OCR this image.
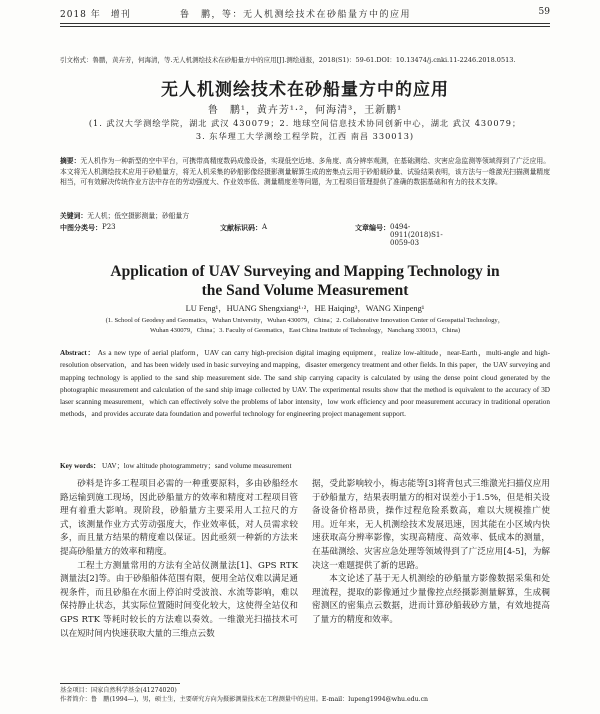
2018 年　增刊	鲁　鹏，等：无人机测绘技术在砂船量方中的应用	59
引文格式：鲁鹏，黄卉芳，何海清，等.无人机测绘技术在砂船量方中的应用[J].测绘通报，2018(S1)：59-61.DOI：10.13474/j.cnki.11-2246.2018.0513.
无人机测绘技术在砂船量方中的应用
鲁　鹏¹，黄卉芳¹·²，何海清³，王新鹏¹
(1. 武汉大学测绘学院，湖北 武汉 430079；2. 地球空间信息技术协同创新中心，湖北 武汉 430079；
3. 东华理工大学测绘工程学院，江西 南昌 330013)
摘要：无人机作为一种新型的空中平台，可携带高精度数码成像设备，实现低空近地、多角度、高分辨率观测，在基础测绘、灾害应急监测等领域得到了广泛应用。本文将无人机测绘技术应用于砂船量方，将无人机采集的砂船影像经摄影测量解算生成的密集点云用于砂船载砂量、试验结果表明，该方法与一维激光扫描测量精度相当，可有效解决传统作业方法中存在的劳动强度大、作业效率低、测量精度差等问题，为工程项目管理提供了准确的数据基础和有力的技术支撑。
关键词：无人机；低空摄影测量；砂船量方
中图分类号： P23	文献标识码： A	文章编号： 0494-0911(2018)S1-0059-03
Application of UAV Surveying and Mapping Technology in
the Sand Volume Measurement
LU Feng¹，HUANG Shengxiang¹·²，HE Haiqing³，WANG Xinpeng¹
(1. School of Geodesy and Geomatics，Wuhan University，Wuhan 430079，China；2. Collaborative Innovation Center of Geospatial Technology，
Wuhan 430079，China；3. Faculty of Geomatics，East China Institute of Technology，Nanchang 330013，China)
Abstract： As a new type of aerial platform，UAV can carry high-precision digital imaging equipment，realize low-altitude，near-Earth，multi-angle and high-resolution observation，and has been widely used in basic surveying and mapping，disaster emergency treatment and other fields. In this paper，the UAV surveying and mapping technology is applied to the sand ship measurement side. The sand ship carrying capacity is calculated by using the dense point cloud generated by the photographic measurement and calculation of the sand ship image collected by UAV. The experimental results show that the method is equivalent to the accuracy of 3D laser scanning measurement，which can effectively solve the problems of labor intensity，low work efficiency and poor measurement accuracy in traditional operation methods，and provides accurate data foundation and powerful technology for engineering project management support.
Key words： UAV；low altitude photogrammetry；sand volume measurement

砂料是许多工程项目必需的一种重要原料，多由砂船经水路运输到施工现场，因此砂船量方的效率和精度对工程项目管理有着重大影响。现阶段，砂船量方主要采用人工拉尺的方式，该测量作业方式劳动强度大，作业效率低，对人员需求较多，而且量方结果的精度难以保证。因此亟须一种新的方法来提高砂船量方的效率和精度。

工程土方测量常用的方法有全站仪测量法[1]、GPS RTK 测量法[2]等。由于砂船船体范围有限，便用全站仪难以满足通视条件，而且砂船在水面上停泊时受波浪、水流等影响，难以保持静止状态，其实际位置随时间变化较大，这使得全站仪和 GPS RTK 等耗时较长的方法难以奏效。一维激光扫描技术可以在短时间内快速获取大量的三维点云数

据，受此影响较小，梅志能等[3]将背包式三维激光扫描仪应用于砂船量方，结果表明量方的相对误差小于1.5%，但是相关设备设备价格昂贵，操作过程危险系数高，难以大规模推广使用。近年来，无人机测绘技术发展迅速，因其能在小区域内快速获取高分辨率影像，实现高精度、高效率、低成本的测量，在基础测绘、灾害应急处理等领域得到了广泛应用[4-5]，为解决这一难题提供了新的思路。

本文论述了基于无人机测绘的砂船量方影像数据采集和处理流程，提取的影像通过少量像控点经摄影测量解算，生成稠密测区的密集点云数据，进而计算砂船载砂方量，有效地提高了量方的精度和效率。

基金项目：国家自然科学基金(41274020)
作者简介：鲁　鹏(1994—)，男，硕士生，主要研究方向为摄影测量技术在工程测量中的应用。E-mail：lupeng1994@whu.edu.cn
